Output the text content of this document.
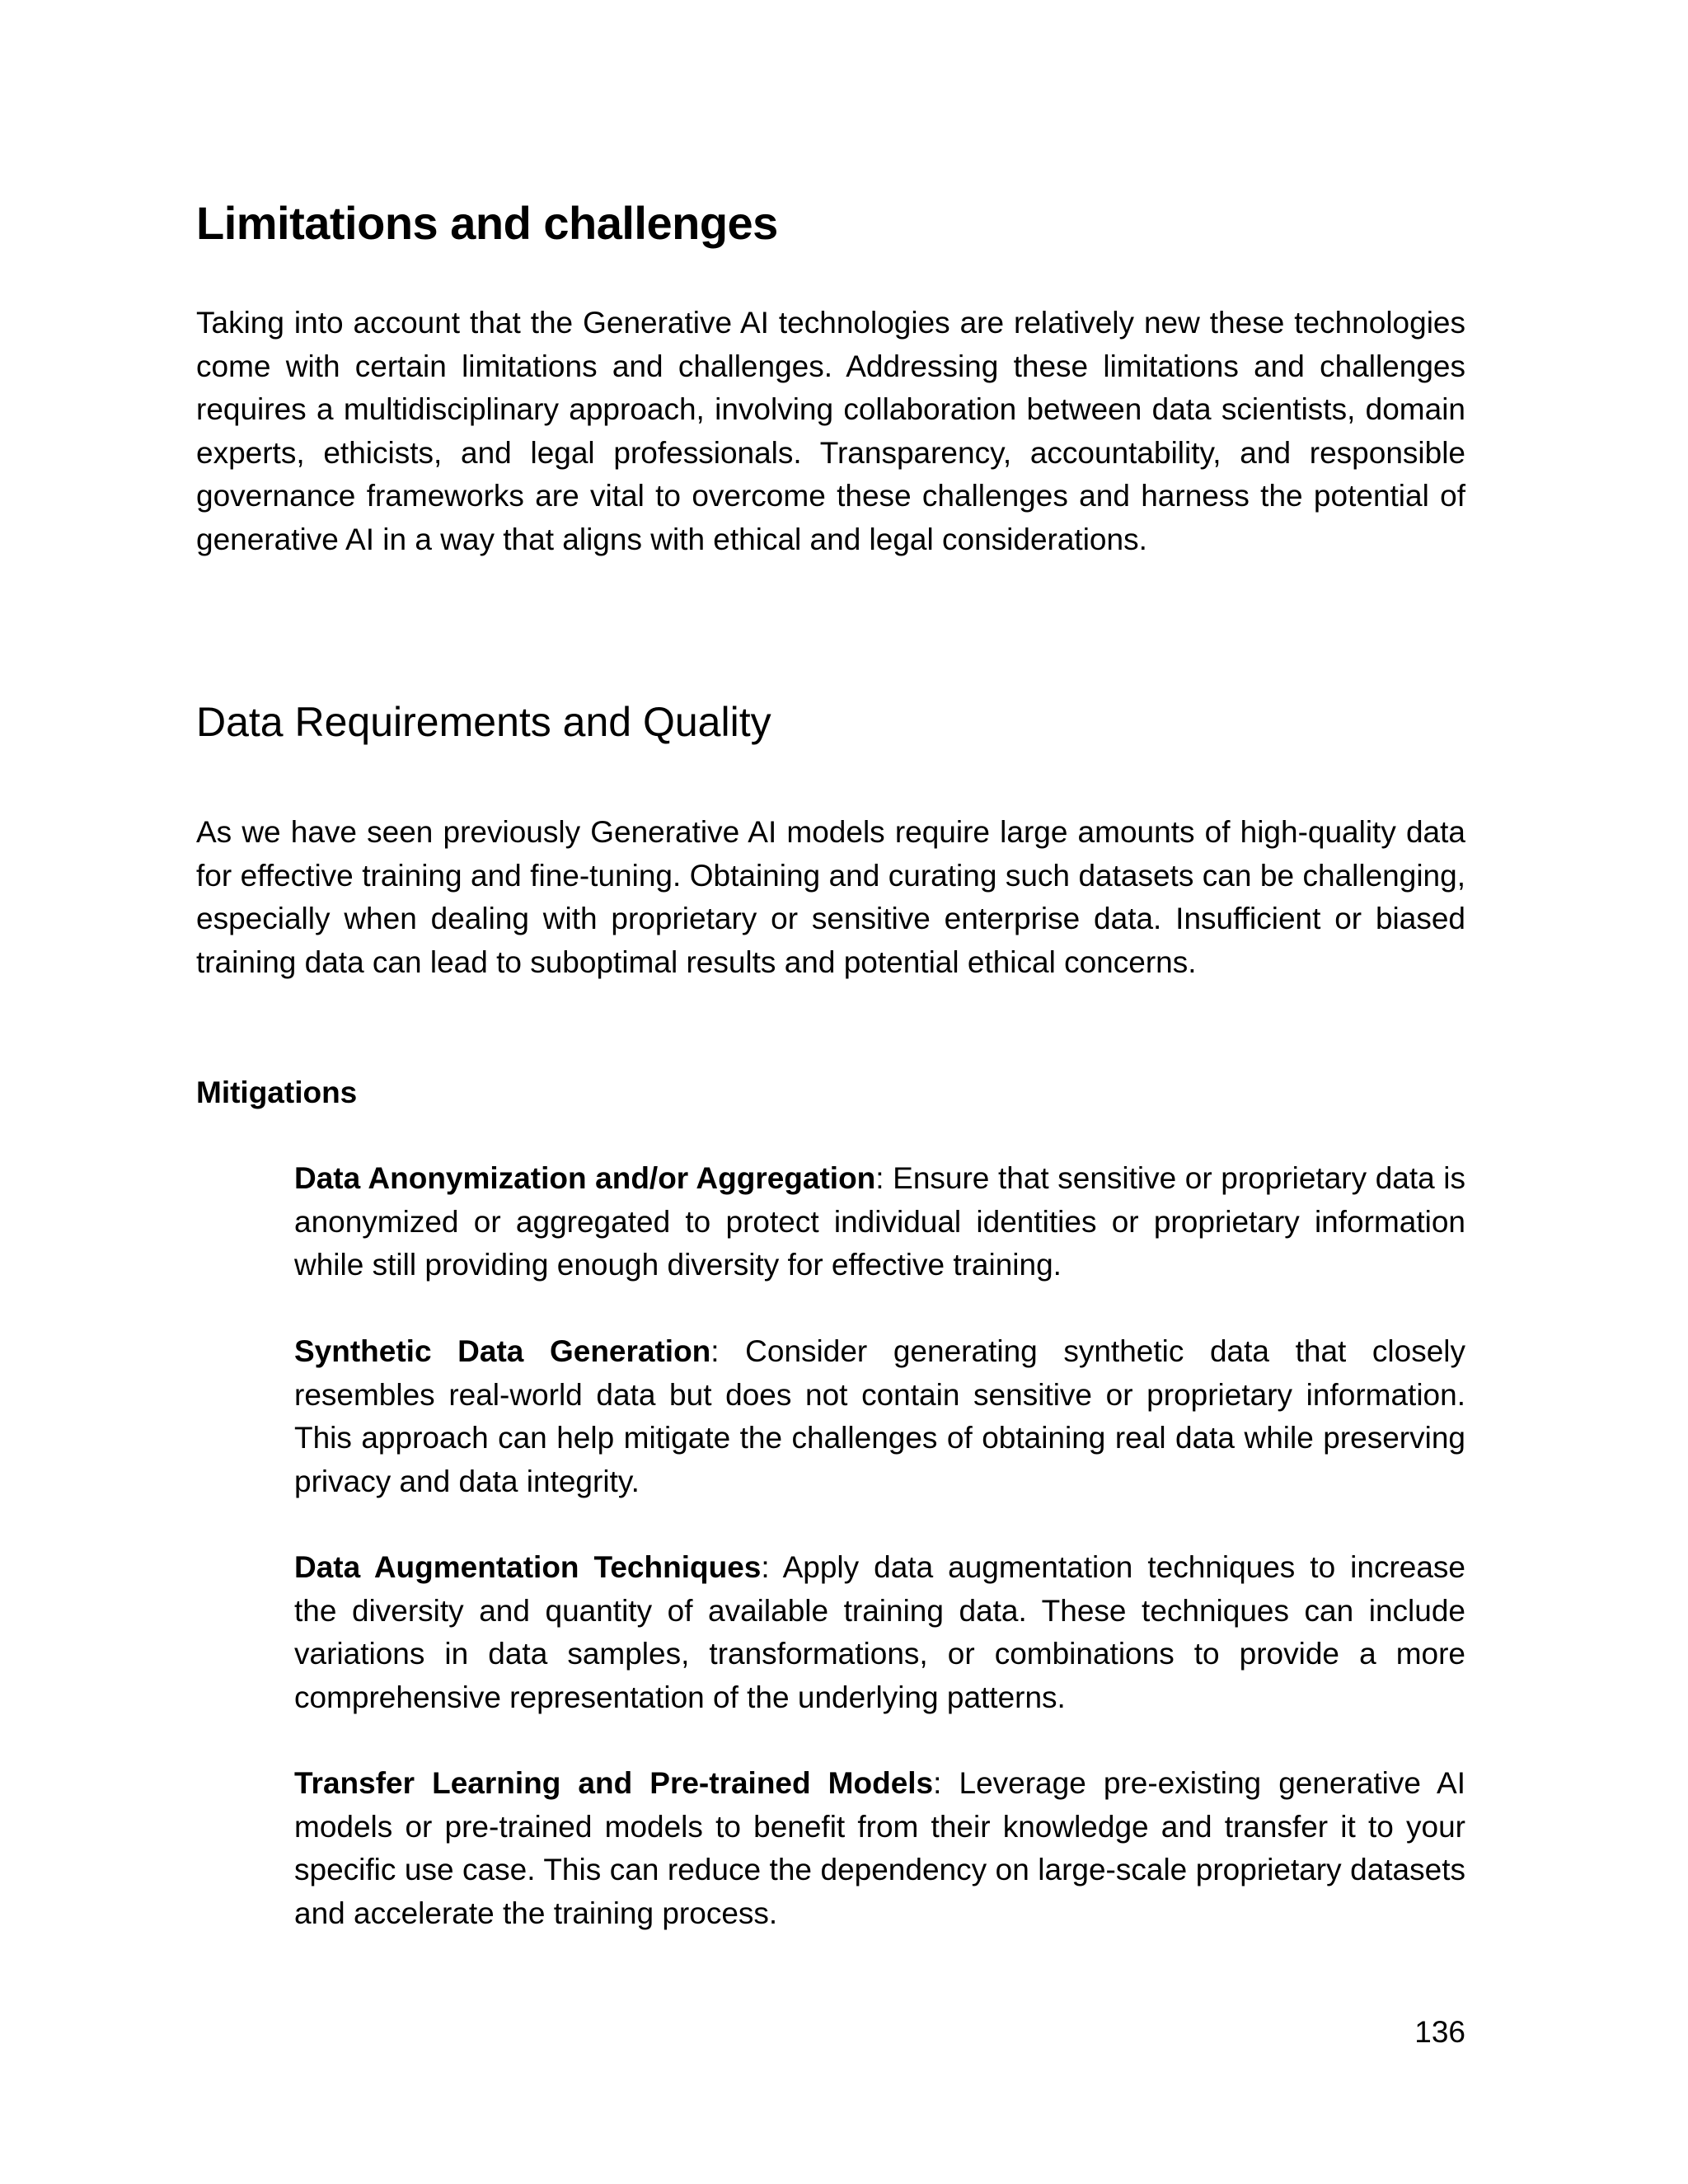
Limitations and challenges

Taking into account that the Generative AI technologies are relatively new these technologies come with certain limitations and challenges. Addressing these limitations and challenges requires a multidisciplinary approach, involving collaboration between data scientists, domain experts, ethicists, and legal professionals. Transparency, accountability, and responsible governance frameworks are vital to overcome these challenges and harness the potential of generative AI in a way that aligns with ethical and legal considerations.

Data Requirements and Quality

As we have seen previously Generative AI models require large amounts of high-quality data for effective training and fine-tuning. Obtaining and curating such datasets can be challenging, especially when dealing with proprietary or sensitive enterprise data. Insufficient or biased training data can lead to suboptimal results and potential ethical concerns.

Mitigations

Data Anonymization and/or Aggregation: Ensure that sensitive or proprietary data is anonymized or aggregated to protect individual identities or proprietary information while still providing enough diversity for effective training.

Synthetic Data Generation: Consider generating synthetic data that closely resembles real-world data but does not contain sensitive or proprietary information. This approach can help mitigate the challenges of obtaining real data while preserving privacy and data integrity.

Data Augmentation Techniques: Apply data augmentation techniques to increase the diversity and quantity of available training data. These techniques can include variations in data samples, transformations, or combinations to provide a more comprehensive representation of the underlying patterns.

Transfer Learning and Pre-trained Models: Leverage pre-existing generative AI models or pre-trained models to benefit from their knowledge and transfer it to your specific use case. This can reduce the dependency on large-scale proprietary datasets and accelerate the training process.

136
